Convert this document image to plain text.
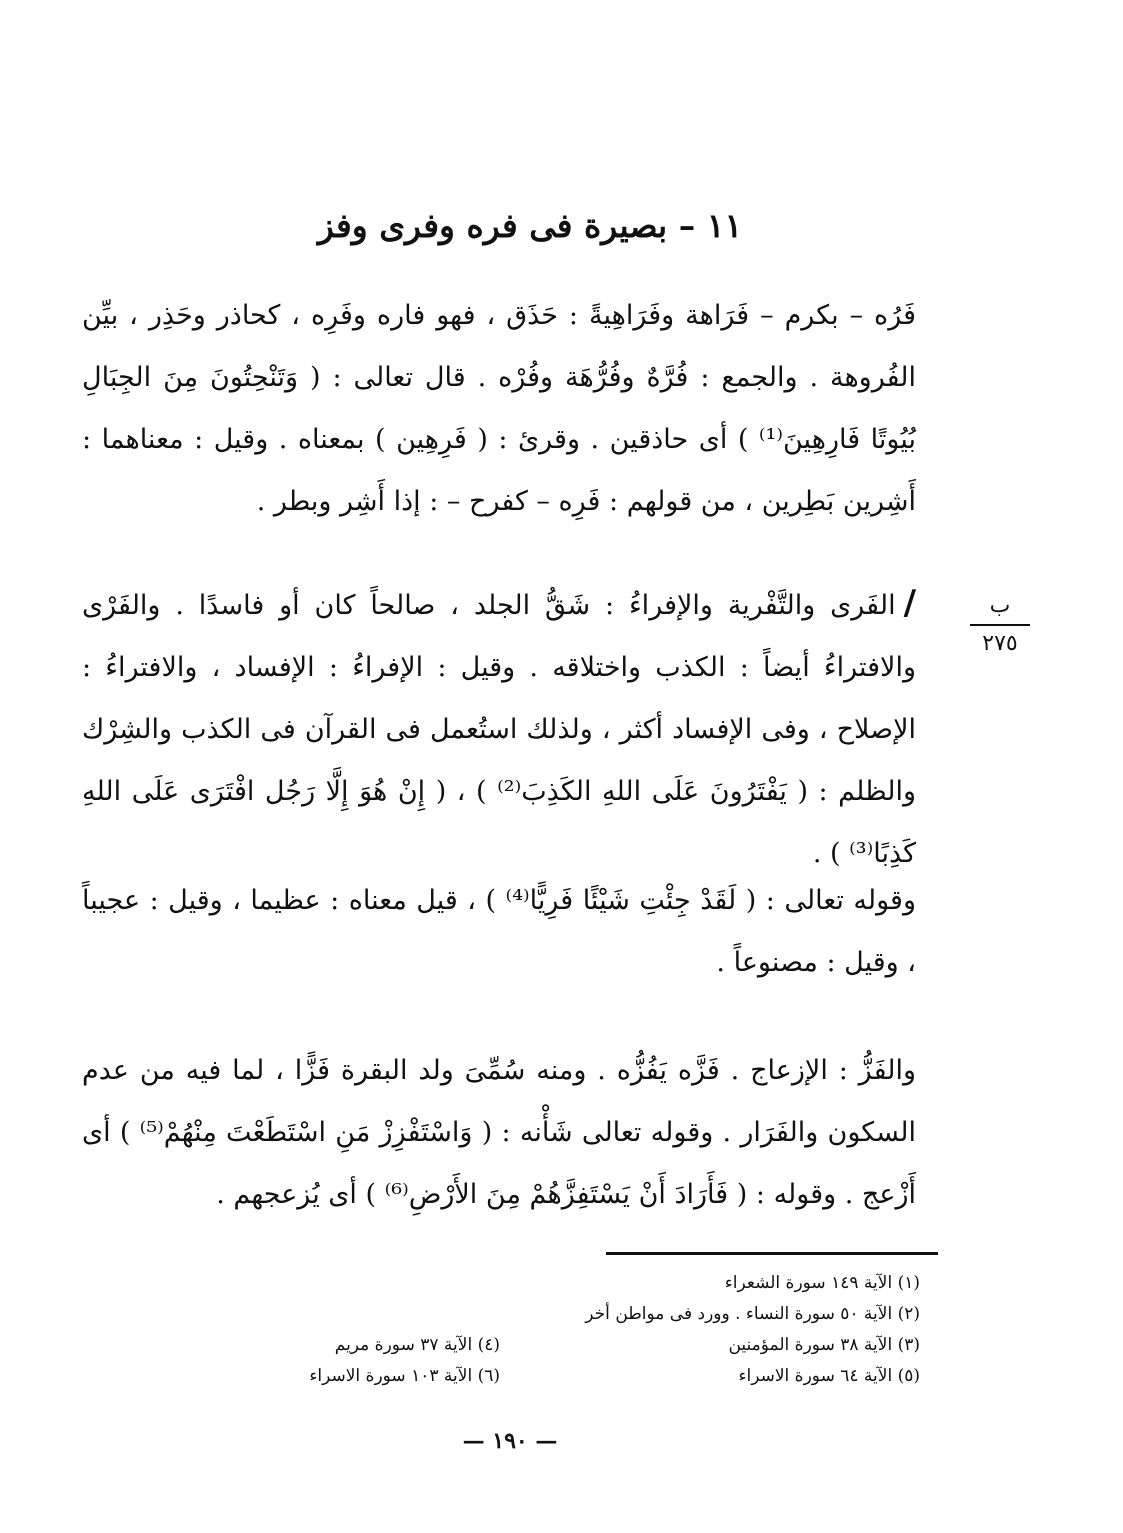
١١ – بصيرة فى فره وفرى وفز

فَرُه – بكرم – فَرَاهة وفَرَاهِيةً : حَذَق ، فهو فاره وفَرِه ، كحاذر وحَذِر ، بيِّن الفُروهة . والجمع : فُرَّهٌ وفُرُّهَة وفُرْه . قال تعالى : ( وَتَنْحِتُونَ مِنَ الجِبَالِ بُيُوتًا فَارِهِينَ⁽¹⁾ ) أى حاذقين . وقرئ : ( فَرِهِين ) بمعناه . وقيل : معناهما : أَشِرين بَطِرين ، من قولهم : فَرِه – كفرح – : إذا أَشِر وبطر .

/الفَرى والتَّفْرية والإفراءُ : شَقُّ الجلد ، صالحاً كان أو فاسدًا . والفَرْى والافتراءُ أيضاً : الكذب واختلاقه . وقيل : الإفراءُ : الإفساد ، والافتراءُ : الإصلاح ، وفى الإفساد أكثر ، ولذلك استُعمل فى القرآن فى الكذب والشِرْك والظلم : ( يَفْتَرُونَ عَلَى اللهِ الكَذِبَ⁽²⁾ ) ، ( إِنْ هُوَ إِلَّا رَجُل افْتَرَى عَلَى اللهِ كَذِبًا⁽³⁾ ) .

وقوله تعالى : ( لَقَدْ جِئْتِ شَيْئًا فَرِيًّا⁽⁴⁾ ) ، قيل معناه : عظيما ، وقيل : عجيباً ، وقيل : مصنوعاً .

والفَزُّ : الإزعاج . فَزَّه يَفُزُّه . ومنه سُمِّىَ ولد البقرة فَزًّا ، لما فيه من عدم السكون والفَرَار . وقوله تعالى شَأْنه : ( وَاسْتَفْزِزْ مَنِ اسْتَطَعْتَ مِنْهُمْ⁽⁵⁾ ) أى أَزْعج . وقوله : ( فَأَرَادَ أَنْ يَسْتَفِزَّهُمْ مِنَ الأَرْضِ⁽⁶⁾ ) أى يُزعجهم .

ب
٢٧٥
(١) الآية ١٤٩ سورة الشعراء
(٢) الآية ٥٠ سورة النساء . وورد فى مواطن أخر
(٣) الآية ٣٨ سورة المؤمنين
(٤) الآية ٣٧ سورة مريم
(٥) الآية ٦٤ سورة الاسراء
(٦) الآية ١٠٣ سورة الاسراء
— ١٩٠ —
